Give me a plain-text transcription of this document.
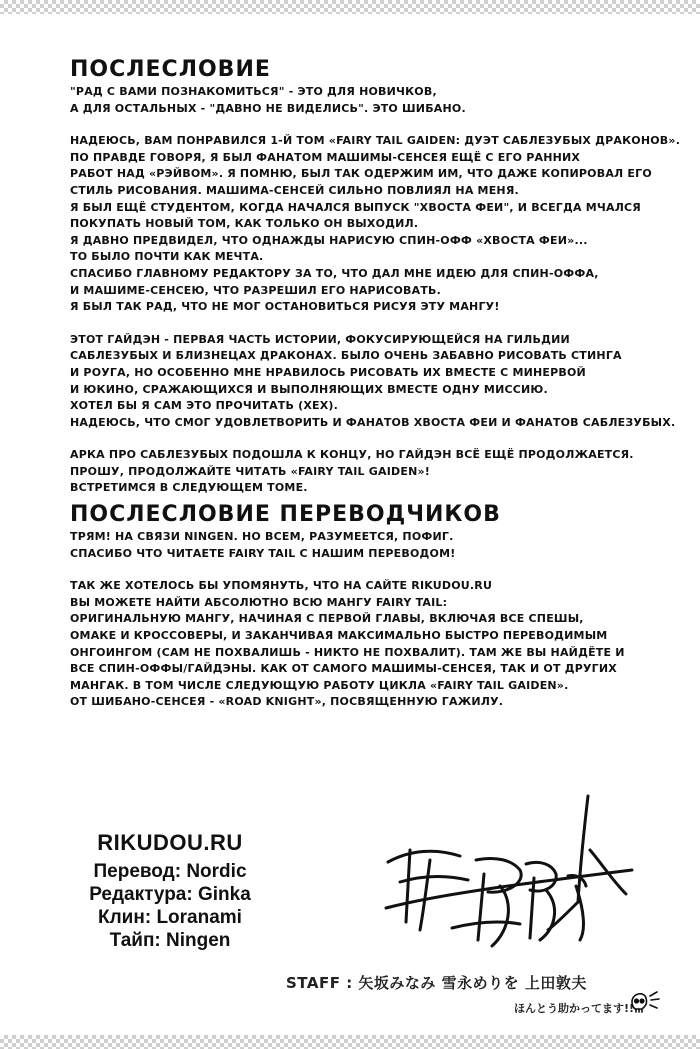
ПОСЛЕСЛОВИЕ
"РАД С ВАМИ ПОЗНАКОМИТЬСЯ" - ЭТО ДЛЯ НОВИЧКОВ,
А ДЛЯ ОСТАЛЬНЫХ - "ДАВНО НЕ ВИДЕЛИСЬ". ЭТО ШИБАНО.
НАДЕЮСЬ, ВАМ ПОНРАВИЛСЯ 1-Й ТОМ «FAIRY TAIL GAIDEN: ДУЭТ САБЛЕЗУБЫХ ДРАКОНОВ».
ПО ПРАВДЕ ГОВОРЯ, Я БЫЛ ФАНАТОМ МАШИМЫ-СЕНСЕЯ ЕЩЁ С ЕГО РАННИХ
РАБОТ НАД «РЭЙВОМ». Я ПОМНЮ, БЫЛ ТАК ОДЕРЖИМ ИМ, ЧТО ДАЖЕ КОПИРОВАЛ ЕГО
СТИЛЬ РИСОВАНИЯ. МАШИМА-СЕНСЕЙ СИЛЬНО ПОВЛИЯЛ НА МЕНЯ.
Я БЫЛ ЕЩЁ СТУДЕНТОМ, КОГДА НАЧАЛСЯ ВЫПУСК "ХВОСТА ФЕИ", И ВСЕГДА МЧАЛСЯ
ПОКУПАТЬ НОВЫЙ ТОМ, КАК ТОЛЬКО ОН ВЫХОДИЛ.
Я ДАВНО ПРЕДВИДЕЛ, ЧТО ОДНАЖДЫ НАРИСУЮ СПИН-ОФФ «ХВОСТА ФЕИ»...
ТО БЫЛО ПОЧТИ КАК МЕЧТА.
СПАСИБО ГЛАВНОМУ РЕДАКТОРУ ЗА ТО, ЧТО ДАЛ МНЕ ИДЕЮ ДЛЯ СПИН-ОФФА,
И МАШИМЕ-СЕНСЕЮ, ЧТО РАЗРЕШИЛ ЕГО НАРИСОВАТЬ.
Я БЫЛ ТАК РАД, ЧТО НЕ МОГ ОСТАНОВИТЬСЯ РИСУЯ ЭТУ МАНГУ!
ЭТОТ ГАЙДЭН - ПЕРВАЯ ЧАСТЬ ИСТОРИИ, ФОКУСИРУЮЩЕЙСЯ НА ГИЛЬДИИ
САБЛЕЗУБЫХ И БЛИЗНЕЦАХ ДРАКОНАХ. БЫЛО ОЧЕНЬ ЗАБАВНО РИСОВАТЬ СТИНГА
И РОУГА, НО ОСОБЕННО МНЕ НРАВИЛОСЬ РИСОВАТЬ ИХ ВМЕСТЕ С МИНЕРВОЙ
И ЮКИНО, СРАЖАЮЩИХСЯ И ВЫПОЛНЯЮЩИХ ВМЕСТЕ ОДНУ МИССИЮ.
ХОТЕЛ БЫ Я САМ ЭТО ПРОЧИТАТЬ (ХЕХ).
НАДЕЮСЬ, ЧТО СМОГ УДОВЛЕТВОРИТЬ И ФАНАТОВ ХВОСТА ФЕИ И ФАНАТОВ САБЛЕЗУБЫХ.
АРКА ПРО САБЛЕЗУБЫХ ПОДОШЛА К КОНЦУ, НО ГАЙДЭН ВСЁ ЕЩЁ ПРОДОЛЖАЕТСЯ.
ПРОШУ, ПРОДОЛЖАЙТЕ ЧИТАТЬ «FAIRY TAIL GAIDEN»!
ВСТРЕТИМСЯ В СЛЕДУЮЩЕМ ТОМЕ.
ПОСЛЕСЛОВИЕ ПЕРЕВОДЧИКОВ
ТРЯМ! НА СВЯЗИ NINGEN. НО ВСЕМ, РАЗУМЕЕТСЯ, ПОФИГ.
СПАСИБО ЧТО ЧИТАЕТЕ FAIRY TAIL С НАШИМ ПЕРЕВОДОМ!
ТАК ЖЕ ХОТЕЛОСЬ БЫ УПОМЯНУТЬ, ЧТО НА САЙТЕ RIKUDOU.RU
ВЫ МОЖЕТЕ НАЙТИ АБСОЛЮТНО ВСЮ МАНГУ FAIRY TAIL:
ОРИГИНАЛЬНУЮ МАНГУ, НАЧИНАЯ С ПЕРВОЙ ГЛАВЫ, ВКЛЮЧАЯ ВСЕ СПЕШЫ,
ОМАКЕ И КРОССОВЕРЫ, И ЗАКАНЧИВАЯ МАКСИМАЛЬНО БЫСТРО ПЕРЕВОДИМЫМ
ОНГОИНГОМ (САМ НЕ ПОХВАЛИШЬ - НИКТО НЕ ПОХВАЛИТ). ТАМ ЖЕ ВЫ НАЙДЁТЕ И
ВСЕ СПИН-ОФФЫ/ГАЙДЭНЫ. КАК ОТ САМОГО МАШИМЫ-СЕНСЕЯ, ТАК И ОТ ДРУГИХ
МАНГАК. В ТОМ ЧИСЛЕ СЛЕДУЮЩУЮ РАБОТУ ЦИКЛА «FAIRY TAIL GAIDEN».
ОТ ШИБАНО-СЕНСЕЯ - «ROAD KNIGHT», ПОСВЯЩЕННУЮ ГАЖИЛУ.
RIKUDOU.RU
Перевод: Nordic
Редактура: Ginka
Клин: Loranami
Тайп: Ningen
STAFF : 矢坂みなみ 雪永めりを 上田敦夫
ほんとう助かってます!!
